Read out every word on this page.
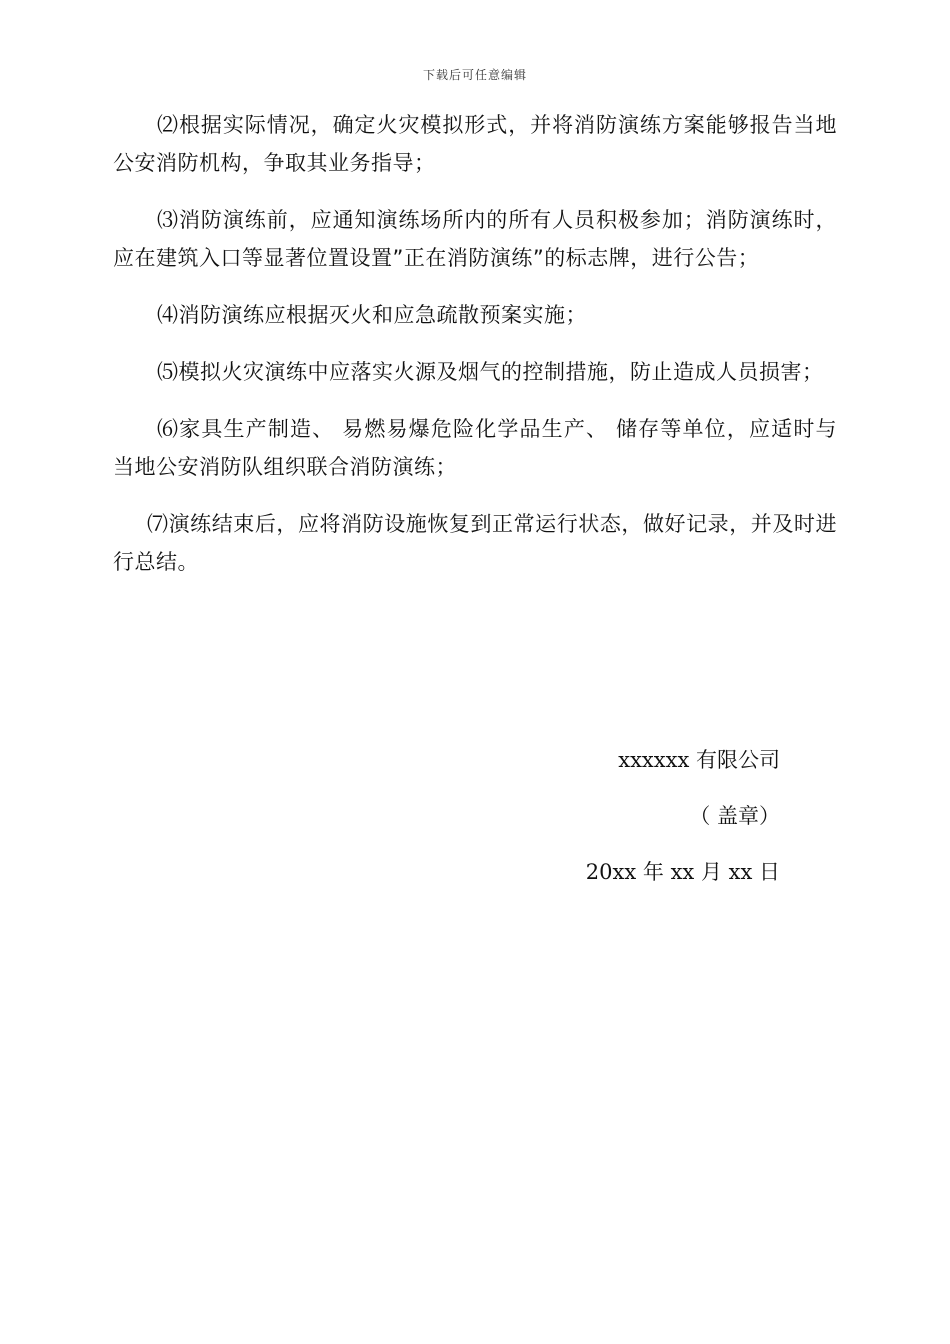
下载后可任意编辑

⑵根据实际情况，确定火灾模拟形式，并将消防演练方案能够报告当地公安消防机构，争取其业务指导；

⑶消防演练前，应通知演练场所内的所有人员积极参加；消防演练时，应在建筑入口等显著位置设置”正在消防演练”的标志牌，进行公告；

⑷消防演练应根据灭火和应急疏散预案实施；

⑸模拟火灾演练中应落实火源及烟气的控制措施，防止造成人员损害；

⑹家具生产制造、 易燃易爆危险化学品生产、 储存等单位，应适时与当地公安消防队组织联合消防演练；

⑺演练结束后，应将消防设施恢复到正常运行状态，做好记录，并及时进行总结。

xxxxxx 有限公司
（ 盖章）
20xx 年 xx 月 xx 日
